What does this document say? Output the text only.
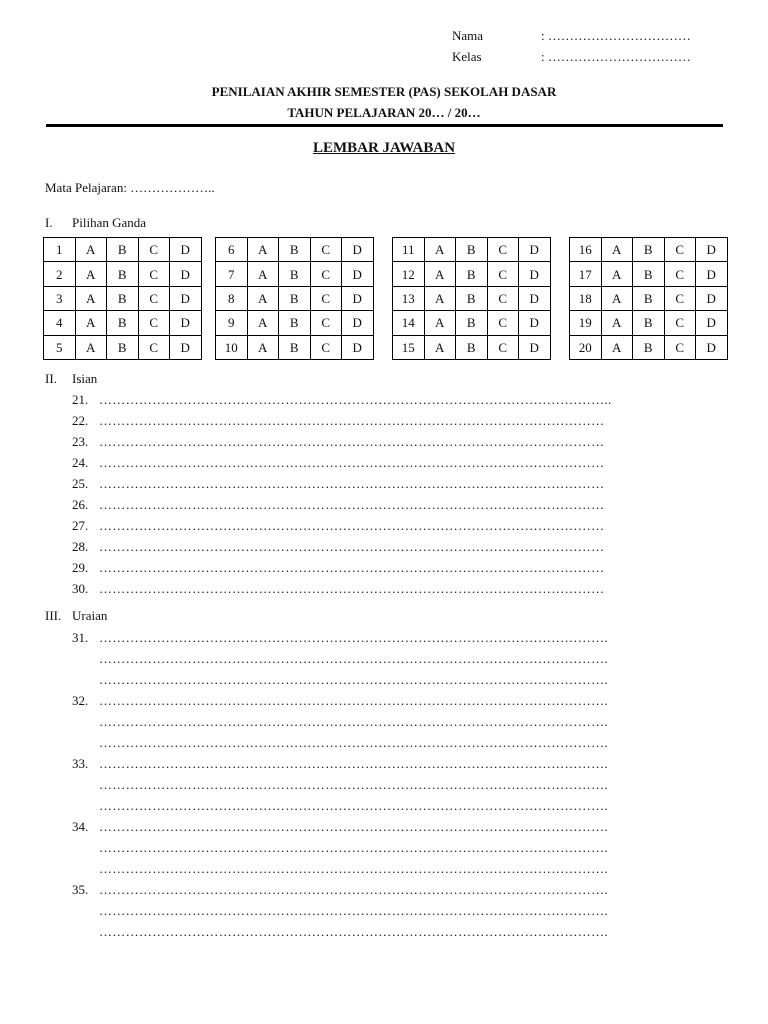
Nama	: ……………………………
Kelas	: ……………………………
PENILAIAN AKHIR SEMESTER (PAS) SEKOLAH DASAR
TAHUN PELAJARAN 20… / 20…
LEMBAR JAWABAN
Mata Pelajaran: ………………..
I. Pilihan Ganda
1	A	B	C	D
2	A	B	C	D
3	A	B	C	D
4	A	B	C	D
5	A	B	C	D
6	A	B	C	D
7	A	B	C	D
8	A	B	C	D
9	A	B	C	D
10	A	B	C	D
11	A	B	C	D
12	A	B	C	D
13	A	B	C	D
14	A	B	C	D
15	A	B	C	D
16	A	B	C	D
17	A	B	C	D
18	A	B	C	D
19	A	B	C	D
20	A	B	C	D
II. Isian
21. ……………………………………………………………………………………………………..
22. ……………………………………………………………………………………………………
23. ……………………………………………………………………………………………………
24. ……………………………………………………………………………………………………
25. ……………………………………………………………………………………………………
26. ……………………………………………………………………………………………………
27. ……………………………………………………………………………………………………
28. ……………………………………………………………………………………………………
29. ……………………………………………………………………………………………………
30. ……………………………………………………………………………………………………
III. Uraian
31. …………………………………………………………………………………………………….
…………………………………………………………………………………………………….
…………………………………………………………………………………………………….
32. …………………………………………………………………………………………………….
…………………………………………………………………………………………………….
…………………………………………………………………………………………………….
33. …………………………………………………………………………………………………….
…………………………………………………………………………………………………….
…………………………………………………………………………………………………….
34. …………………………………………………………………………………………………….
…………………………………………………………………………………………………….
…………………………………………………………………………………………………….
35. …………………………………………………………………………………………………….
…………………………………………………………………………………………………….
…………………………………………………………………………………………………….
